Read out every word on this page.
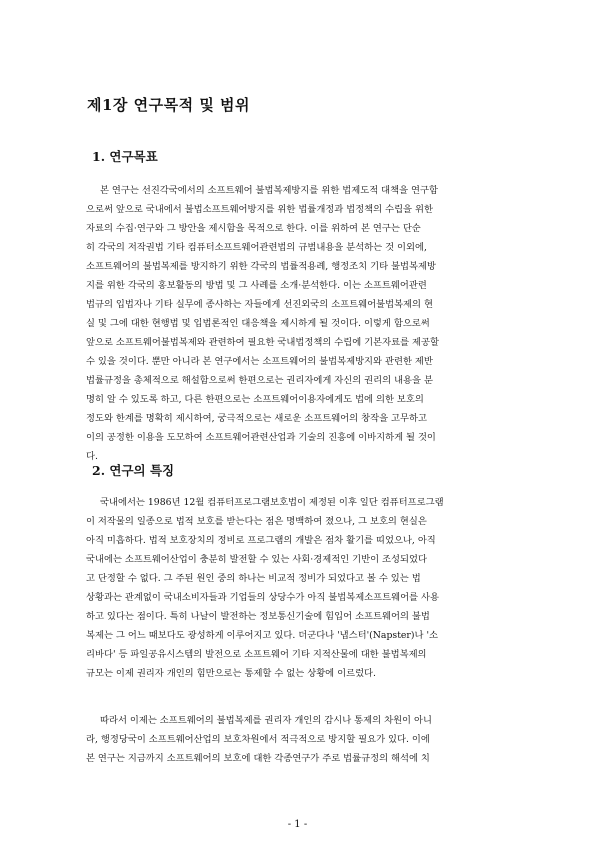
제1장 연구목적 및 범위
1. 연구목표
본 연구는 선진각국에서의 소프트웨어 불법복제방지를 위한 법제도적 대책을 연구함
으로써 앞으로 국내에서 불법소프트웨어방지를 위한 법률개정과 법정책의 수립을 위한
자료의 수집·연구와 그 방안을 제시함을 목적으로 한다. 이를 위하여 본 연구는 단순
히 각국의 저작권법 기타 컴퓨터소프트웨어관련법의 규범내용을 분석하는 것 이외에,
소프트웨어의 불법복제를 방지하기 위한 각국의 법률적용례, 행정조치 기타 불법복제방
지를 위한 각국의 홍보활동의 방법 및 그 사례를 소개·분석한다. 이는 소프트웨어관련
법규의 입법자나 기타 실무에 종사하는 자들에게 선진외국의 소프트웨어불법복제의 현
실 및 그에 대한 현행법 및 입법론적인 대응책을 제시하게 될 것이다. 이렇게 함으로써
앞으로 소프트웨어불법복제와 관련하여 필요한 국내법정책의 수립에 기본자료를 제공할
수 있을 것이다. 뿐만 아니라 본 연구에서는 소프트웨어의 불법복제방지와 관련한 제반
법률규정을 총체적으로 해설함으로써 한편으로는 권리자에게 자신의 권리의 내용을 분
명히 알 수 있도록 하고, 다른 한편으로는 소프트웨어이용자에게도 법에 의한 보호의
정도와 한계를 명확히 제시하여, 궁극적으로는 새로운 소프트웨어의 창작을 고무하고
이의 공정한 이용을 도모하여 소프트웨어관련산업과 기술의 진흥에 이바지하게 될 것이
다.
2. 연구의 특징
국내에서는 1986년 12월 컴퓨터프로그램보호법이 제정된 이후 일단 컴퓨터프로그램
이 저작물의 일종으로 법적 보호를 받는다는 점은 명백하여 졌으나, 그 보호의 현실은
아직 미흡하다. 법적 보호장치의 정비로 프로그램의 개발은 점차 활기를 띠었으나, 아직
국내에는 소프트웨어산업이 충분히 발전할 수 있는 사회·경제적인 기반이 조성되었다
고 단정할 수 없다. 그 주된 원인 중의 하나는 비교적 정비가 되었다고 볼 수 있는 법
상황과는 관계없이 국내소비자들과 기업들의 상당수가 아직 불법복제소프트웨어를 사용
하고 있다는 점이다. 특히 나날이 발전하는 정보통신기술에 힘입어 소프트웨어의 불법
복제는 그 어느 때보다도 광성하게 이루어지고 있다. 더군다나 '냅스터'(Napster)나 '소
리바다' 등 파일공유시스템의 발전으로 소프트웨어 기타 지적산물에 대한 불법복제의
규모는 이제 권리자 개인의 힘만으로는 통제할 수 없는 상황에 이르렀다.
따라서 이제는 소프트웨어의 불법복제를 권리자 개인의 감시나 통제의 차원이 아니
라, 행정당국이 소프트웨어산업의 보호차원에서 적극적으로 방지할 필요가 있다. 이에
본 연구는 지금까지 소프트웨어의 보호에 대한 각종연구가 주로 법률규정의 해석에 치
- 1 -
